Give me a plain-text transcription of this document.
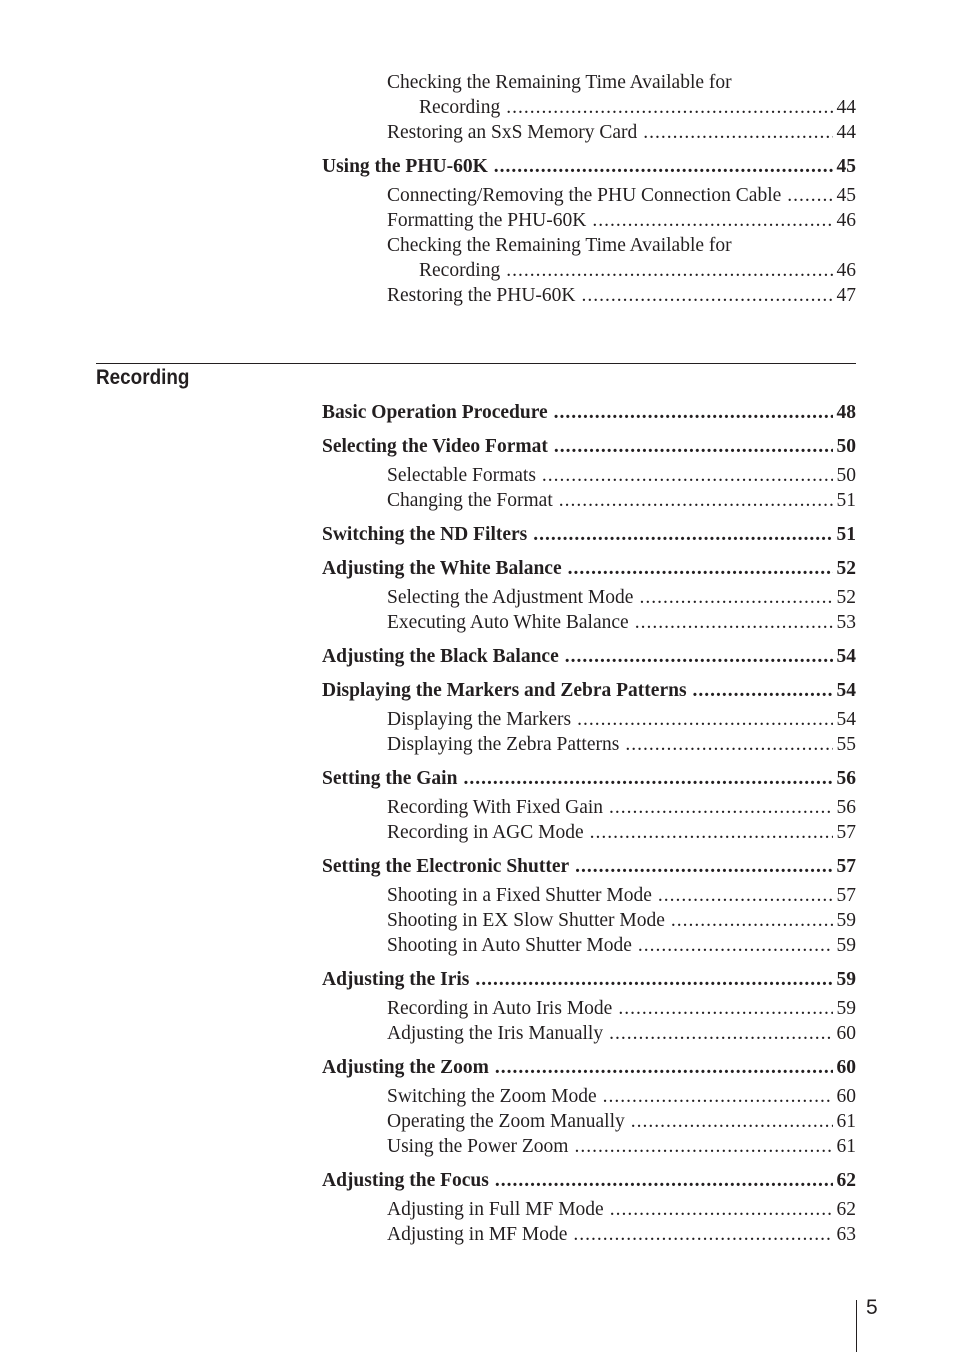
Checking the Remaining Time Available for
Recording .....	44
Restoring an SxS Memory Card .....	44
Using the PHU-60K .....	45
Connecting/Removing the PHU Connection Cable .....	45
Formatting the PHU-60K .....	46
Checking the Remaining Time Available for
Recording .....	46
Restoring the PHU-60K .....	47
Recording
Basic Operation Procedure .....	48
Selecting the Video Format .....	50
Selectable Formats .....	50
Changing the Format .....	51
Switching the ND Filters .....	51
Adjusting the White Balance .....	52
Selecting the Adjustment Mode .....	52
Executing Auto White Balance .....	53
Adjusting the Black Balance .....	54
Displaying the Markers and Zebra Patterns .....	54
Displaying the Markers .....	54
Displaying the Zebra Patterns .....	55
Setting the Gain .....	56
Recording With Fixed Gain .....	56
Recording in AGC Mode .....	57
Setting the Electronic Shutter .....	57
Shooting in a Fixed Shutter Mode .....	57
Shooting in EX Slow Shutter Mode .....	59
Shooting in Auto Shutter Mode .....	59
Adjusting the Iris .....	59
Recording in Auto Iris Mode .....	59
Adjusting the Iris Manually .....	60
Adjusting the Zoom .....	60
Switching the Zoom Mode .....	60
Operating the Zoom Manually .....	61
Using the Power Zoom .....	61
Adjusting the Focus .....	62
Adjusting in Full MF Mode .....	62
Adjusting in MF Mode .....	63
5
